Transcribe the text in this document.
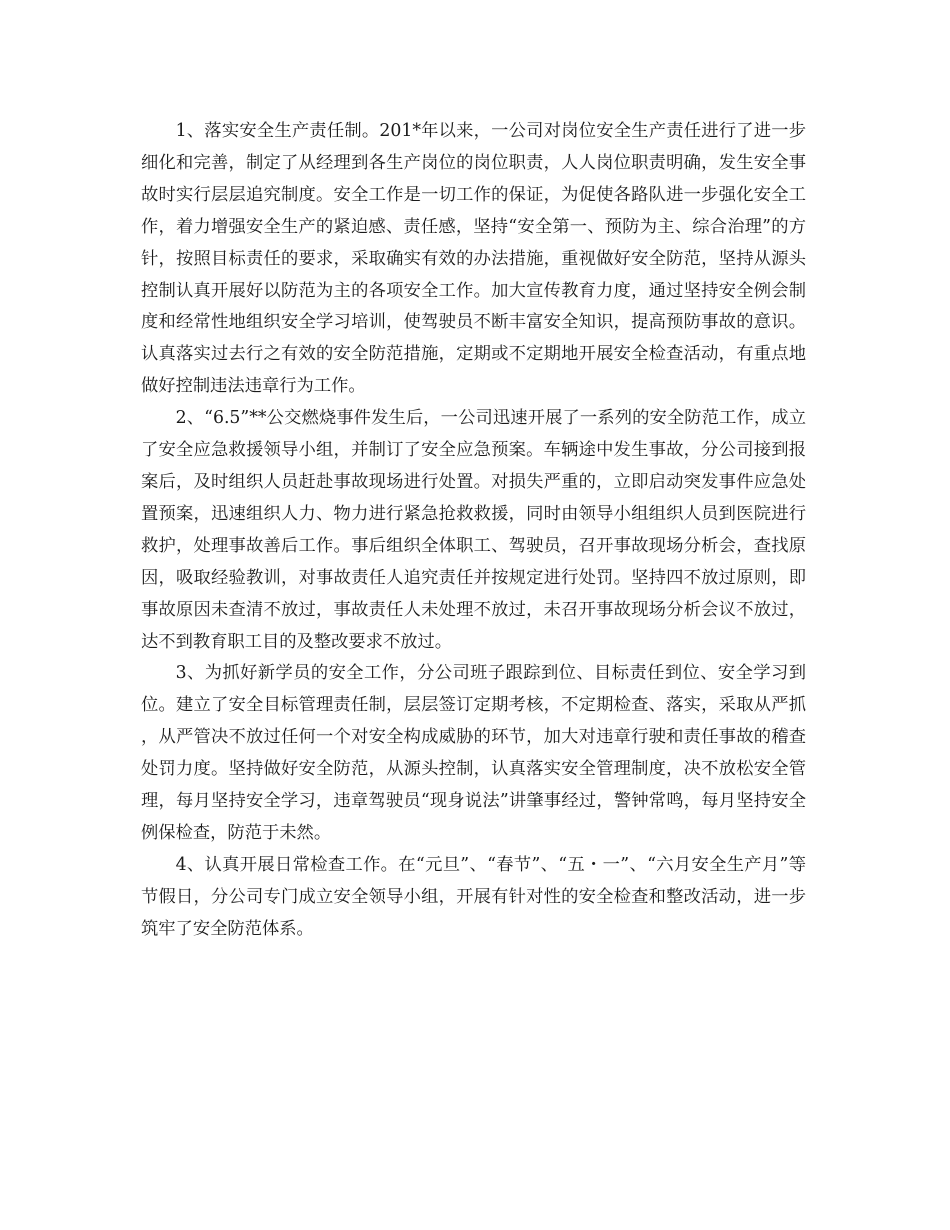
1、落实安全生产责任制。201*年以来，一公司对岗位安全生产责任进行了进一步细化和完善，制定了从经理到各生产岗位的岗位职责，人人岗位职责明确，发生安全事故时实行层层追究制度。安全工作是一切工作的保证，为促使各路队进一步强化安全工作，着力增强安全生产的紧迫感、责任感，坚持“安全第一、预防为主、综合治理”的方针，按照目标责任的要求，采取确实有效的办法措施，重视做好安全防范，坚持从源头控制认真开展好以防范为主的各项安全工作。加大宣传教育力度，通过坚持安全例会制度和经常性地组织安全学习培训，使驾驶员不断丰富安全知识，提高预防事故的意识。认真落实过去行之有效的安全防范措施，定期或不定期地开展安全检查活动，有重点地做好控制违法违章行为工作。

2、“6.5”**公交燃烧事件发生后，一公司迅速开展了一系列的安全防范工作，成立了安全应急救援领导小组，并制订了安全应急预案。车辆途中发生事故，分公司接到报案后，及时组织人员赶赴事故现场进行处置。对损失严重的，立即启动突发事件应急处置预案，迅速组织人力、物力进行紧急抢救救援，同时由领导小组组织人员到医院进行救护，处理事故善后工作。事后组织全体职工、驾驶员，召开事故现场分析会，查找原因，吸取经验教训，对事故责任人追究责任并按规定进行处罚。坚持四不放过原则，即事故原因未查清不放过，事故责任人未处理不放过，未召开事故现场分析会议不放过，达不到教育职工目的及整改要求不放过。

3、为抓好新学员的安全工作，分公司班子跟踪到位、目标责任到位、安全学习到位。建立了安全目标管理责任制，层层签订定期考核，不定期检查、落实，采取从严抓，从严管决不放过任何一个对安全构成威胁的环节，加大对违章行驶和责任事故的稽查处罚力度。坚持做好安全防范，从源头控制，认真落实安全管理制度，决不放松安全管理，每月坚持安全学习，违章驾驶员“现身说法”讲肇事经过，警钟常鸣，每月坚持安全例保检查，防范于未然。

4、认真开展日常检查工作。在“元旦”、“春节”、“五・一”、“六月安全生产月”等节假日，分公司专门成立安全领导小组，开展有针对性的安全检查和整改活动，进一步筑牢了安全防范体系。
